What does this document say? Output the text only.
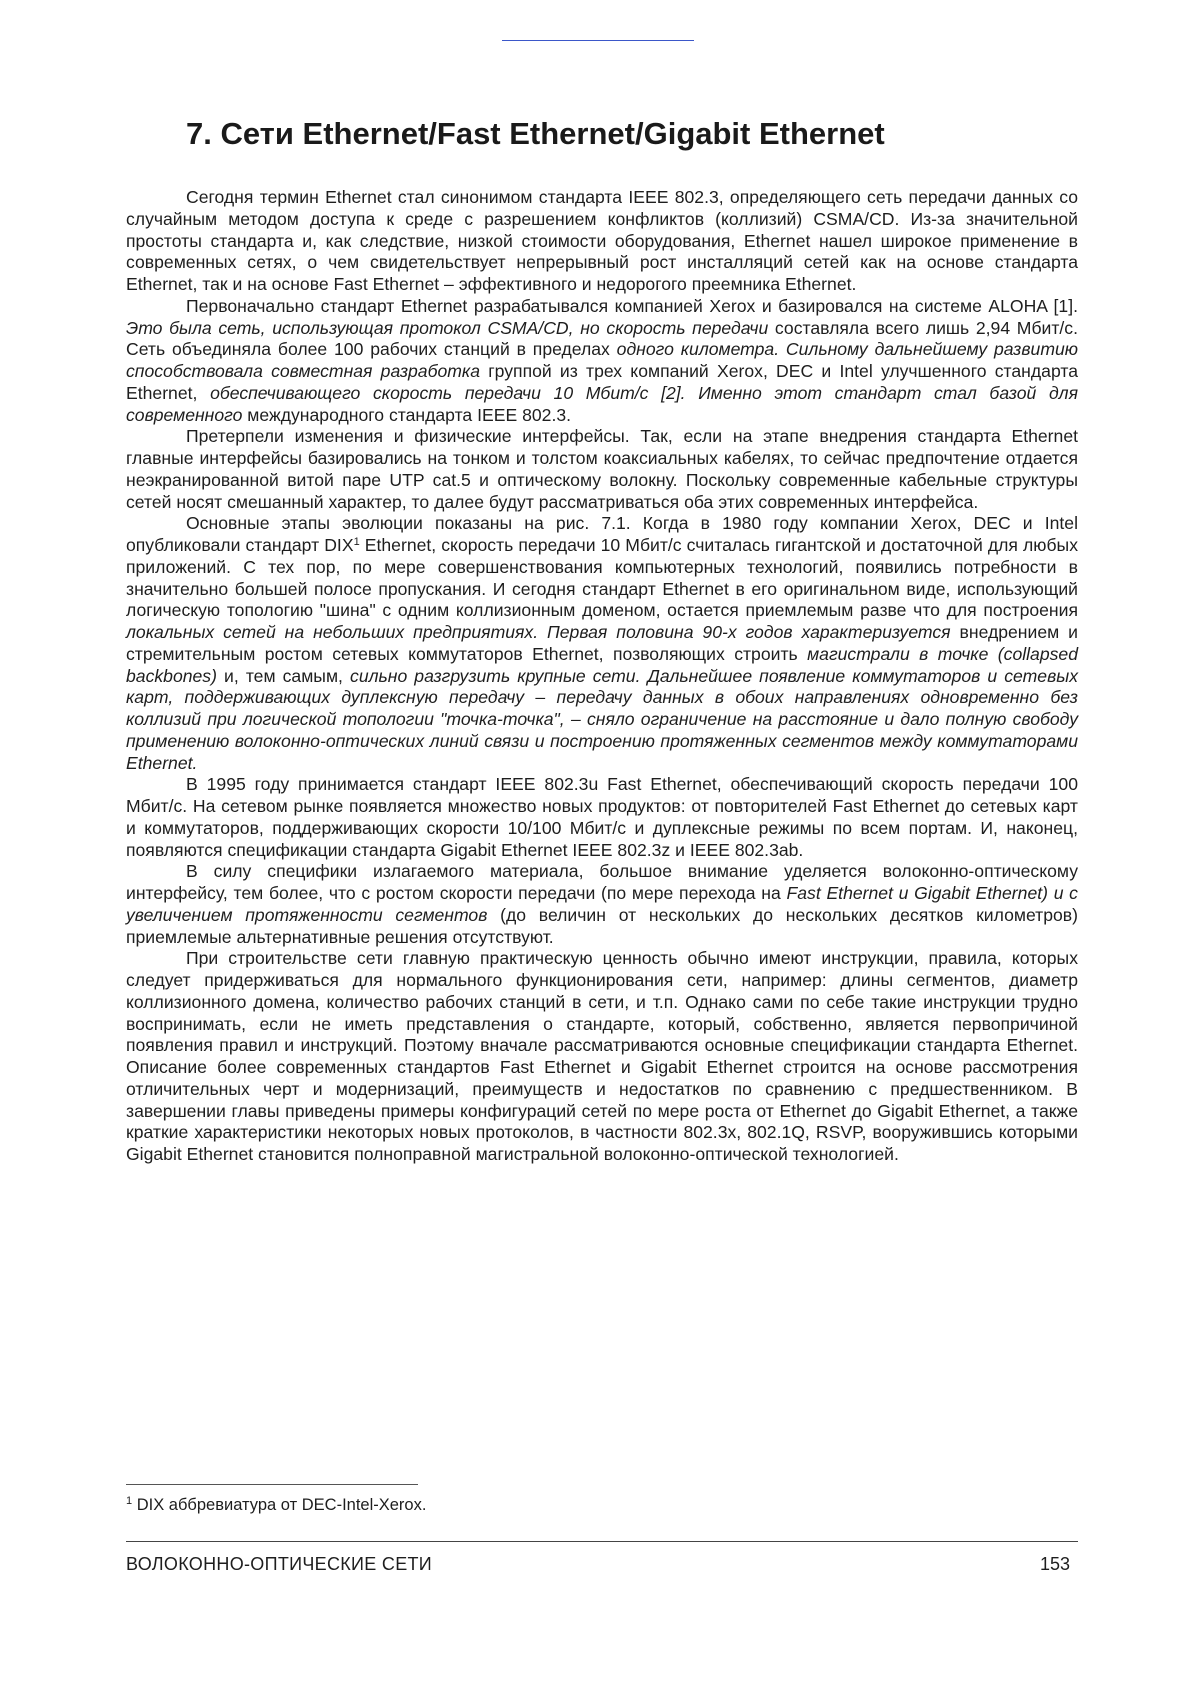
7. Сети Ethernet/Fast Ethernet/Gigabit Ethernet

Сегодня термин Ethernet стал синонимом стандарта IEEE 802.3, определяющего сеть передачи данных со случайным методом доступа к среде с разрешением конфликтов (коллизий) CSMA/CD. Из-за значительной простоты стандарта и, как следствие, низкой стоимости оборудования, Ethernet нашел широкое применение в современных сетях, о чем свидетельствует непрерывный рост инсталляций сетей как на основе стандарта Ethernet, так и на основе Fast Ethernet – эффективного и недорогого преемника Ethernet.

Первоначально стандарт Ethernet разрабатывался компанией Xerox и базировался на системе ALOHA [1]. Это была сеть, использующая протокол CSMA/CD, но скорость передачи составляла всего лишь 2,94 Мбит/с. Сеть объединяла более 100 рабочих станций в пределах одного километра. Сильному дальнейшему развитию способствовала совместная разработка группой из трех компаний Xerox, DEC и Intel улучшенного стандарта Ethernet, обеспечивающего скорость передачи 10 Мбит/с [2]. Именно этот стандарт стал базой для современного международного стандарта IEEE 802.3.

Претерпели изменения и физические интерфейсы. Так, если на этапе внедрения стандарта Ethernet главные интерфейсы базировались на тонком и толстом коаксиальных кабелях, то сейчас предпочтение отдается неэкранированной витой паре UTP cat.5 и оптическому волокну. Поскольку современные кабельные структуры сетей носят смешанный характер, то далее будут рассматриваться оба этих современных интерфейса.

Основные этапы эволюции показаны на рис. 7.1. Когда в 1980 году компании Xerox, DEC и Intel опубликовали стандарт DIX$^1$ Ethernet, скорость передачи 10 Мбит/с считалась гигантской и достаточной для любых приложений. С тех пор, по мере совершенствования компьютерных технологий, появились потребности в значительно большей полосе пропускания. И сегодня стандарт Ethernet в его оригинальном виде, использующий логическую топологию "шина" с одним коллизионным доменом, остается приемлемым разве что для построения локальных сетей на небольших предприятиях. Первая половина 90-х годов характеризуется внедрением и стремительным ростом сетевых коммутаторов Ethernet, позволяющих строить магистрали в точке (collapsed backbones) и, тем самым, сильно разгрузить крупные сети. Дальнейшее появление коммутаторов и сетевых карт, поддерживающих дуплексную передачу – передачу данных в обоих направлениях одновременно без коллизий при логической топологии "точка-точка", – сняло ограничение на расстояние и дало полную свободу применению волоконно-оптических линий связи и построению протяженных сегментов между коммутаторами Ethernet.

В 1995 году принимается стандарт IEEE 802.3u Fast Ethernet, обеспечивающий скорость передачи 100 Мбит/с. На сетевом рынке появляется множество новых продуктов: от повторителей Fast Ethernet до сетевых карт и коммутаторов, поддерживающих скорости 10/100 Мбит/с и дуплексные режимы по всем портам. И, наконец, появляются спецификации стандарта Gigabit Ethernet IEEE 802.3z и IEEE 802.3ab.

В силу специфики излагаемого материала, большое внимание уделяется волоконно-оптическому интерфейсу, тем более, что с ростом скорости передачи (по мере перехода на Fast Ethernet и Gigabit Ethernet) и с увеличением протяженности сегментов (до величин от нескольких до нескольких десятков километров) приемлемые альтернативные решения отсутствуют.

При строительстве сети главную практическую ценность обычно имеют инструкции, правила, которых следует придерживаться для нормального функционирования сети, например: длины сегментов, диаметр коллизионного домена, количество рабочих станций в сети, и т.п. Однако сами по себе такие инструкции трудно воспринимать, если не иметь представления о стандарте, который, собственно, является первопричиной появления правил и инструкций. Поэтому вначале рассматриваются основные спецификации стандарта Ethernet. Описание более современных стандартов Fast Ethernet и Gigabit Ethernet строится на основе рассмотрения отличительных черт и модернизаций, преимуществ и недостатков по сравнению с предшественником. В завершении главы приведены примеры конфигураций сетей по мере роста от Ethernet до Gigabit Ethernet, а также краткие характеристики некоторых новых протоколов, в частности 802.3x, 802.1Q, RSVP, вооружившись которыми Gigabit Ethernet становится полноправной магистральной волоконно-оптической технологией.

$^1$ DIX аббревиатура от DEC-Intel-Xerox.
ВОЛОКОННО-ОПТИЧЕСКИЕ СЕТИ	153
